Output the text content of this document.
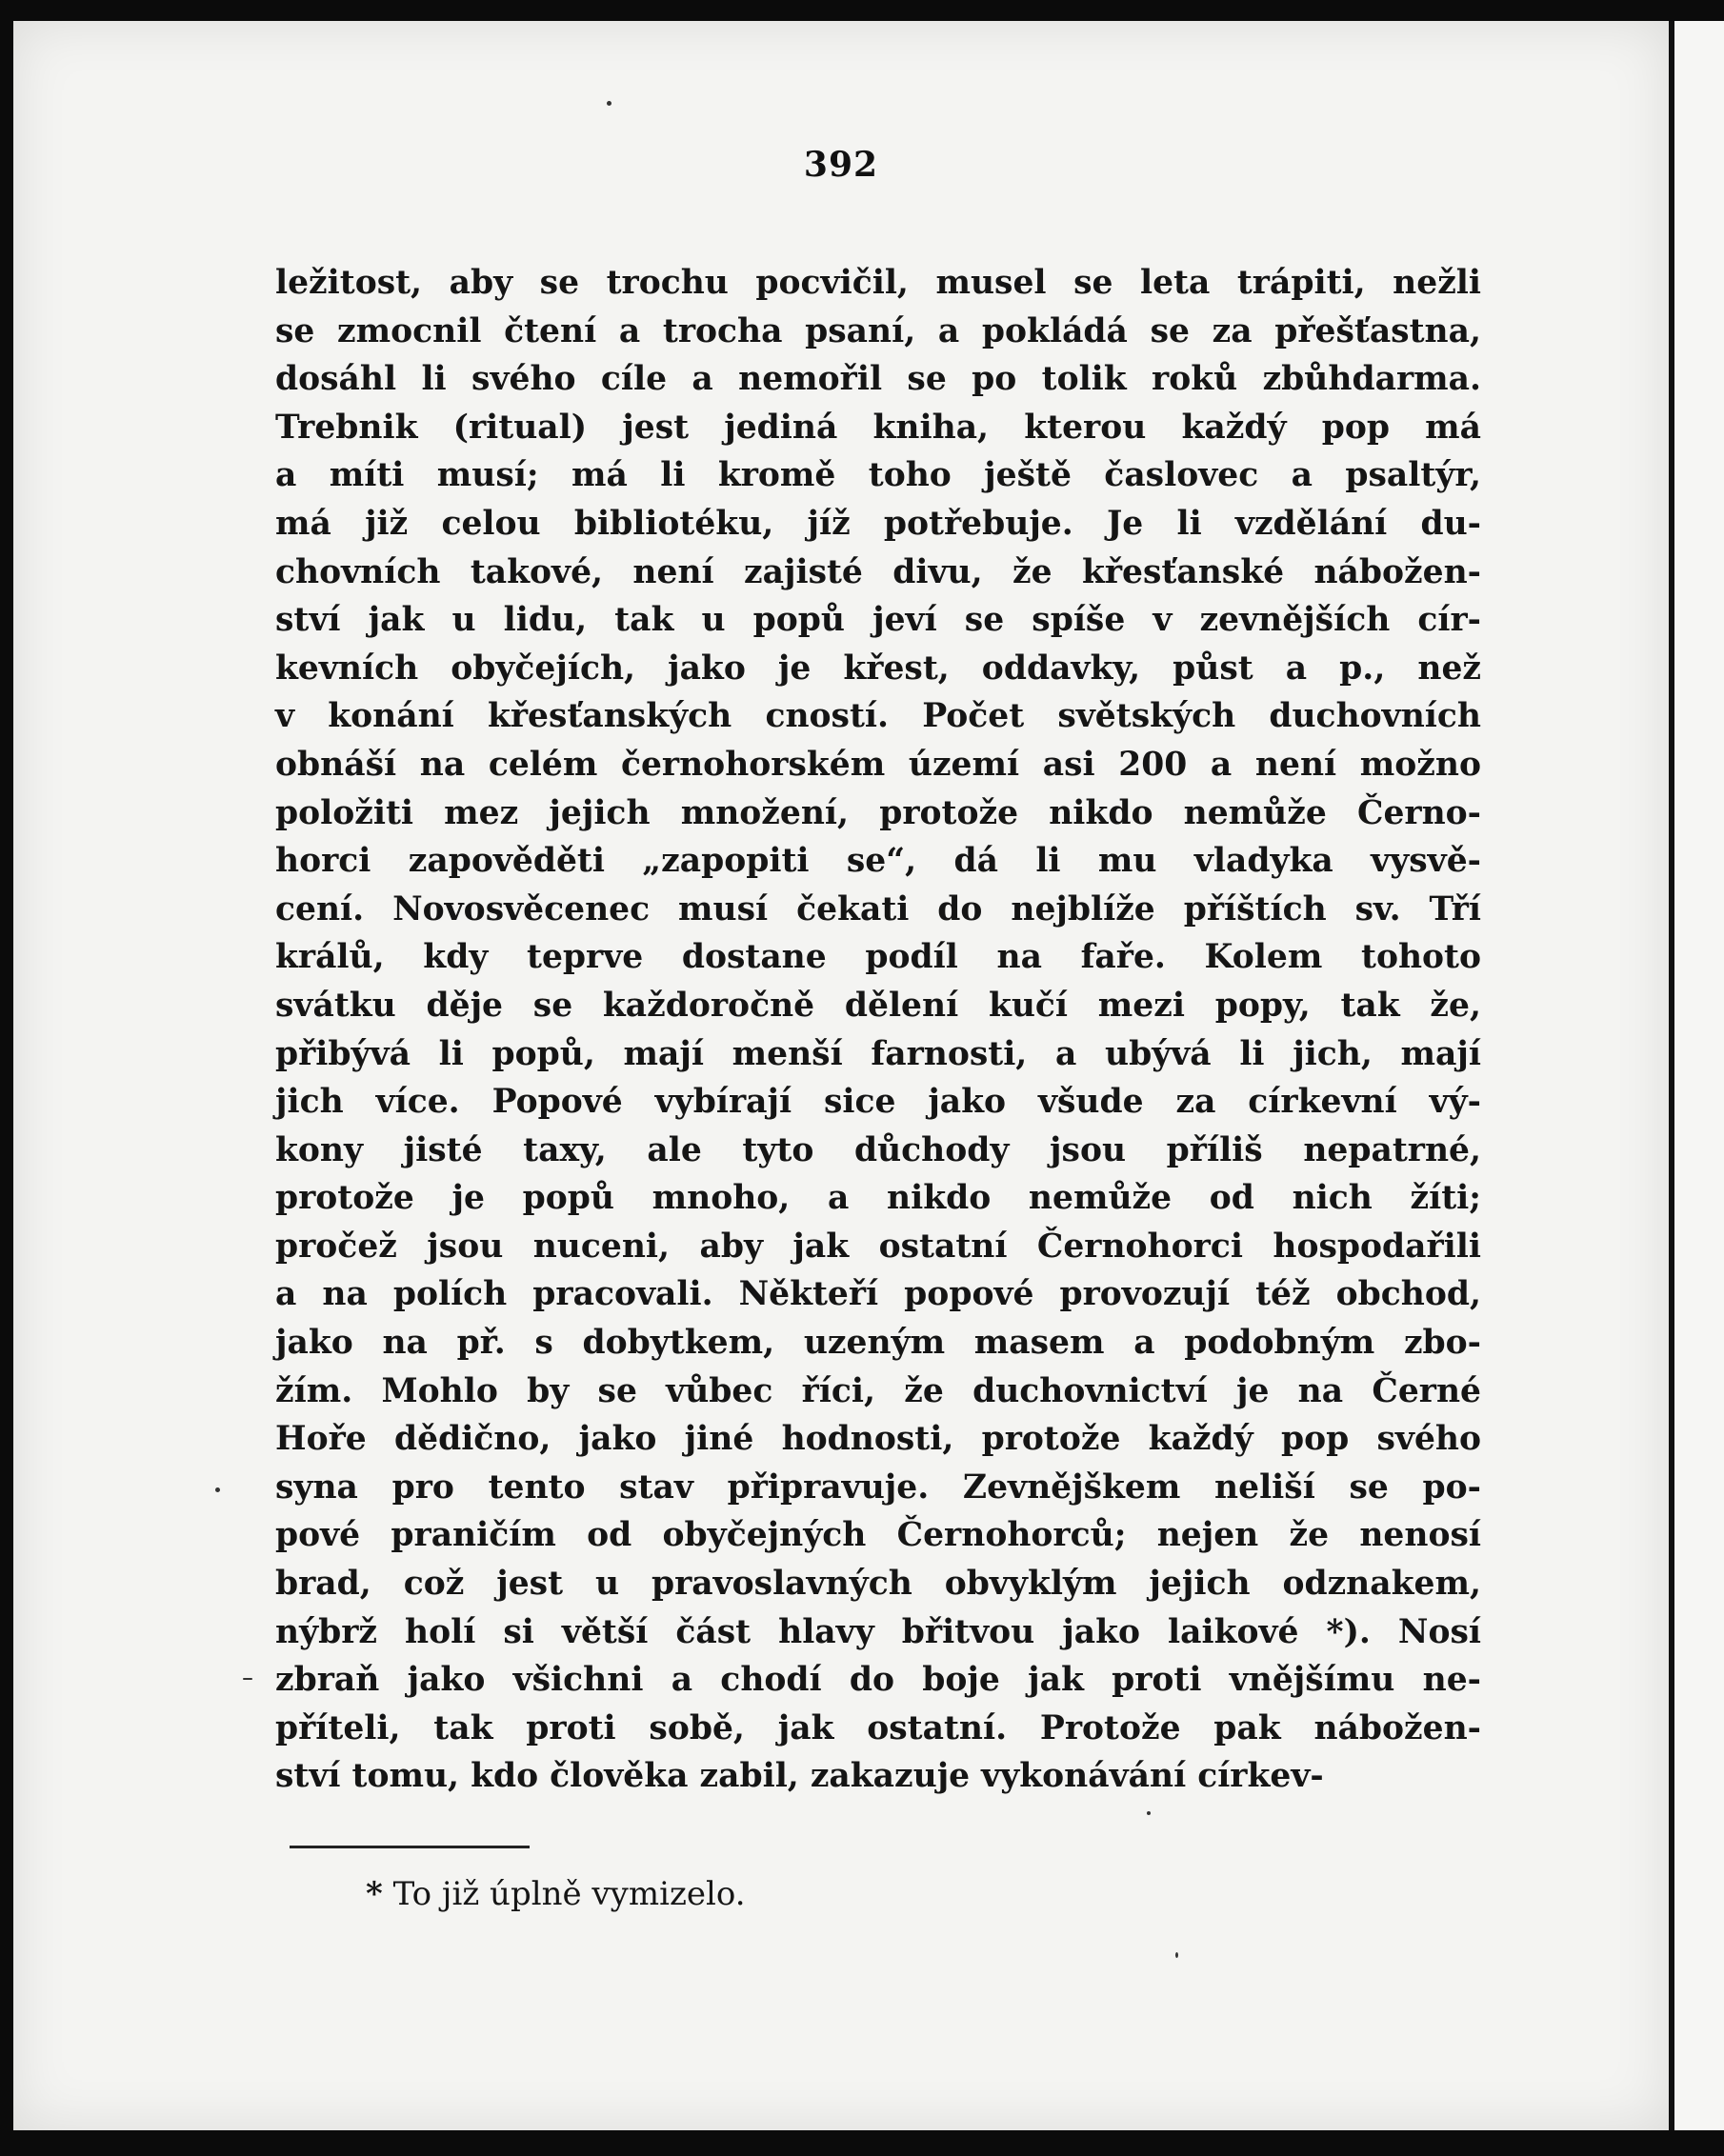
392
ležitost, aby se trochu pocvičil, musel se leta trápiti, nežli
se zmocnil čtení a trocha psaní, a pokládá se za přešťastna,
dosáhl li svého cíle a nemořil se po tolik roků zbůhdarma.
Trebnik (ritual) jest jediná kniha, kterou každý pop má
a míti musí; má li kromě toho ještě časlovec a psaltýr,
má již celou bibliotéku, jíž potřebuje. Je li vzdělání du-
chovních takové, není zajisté divu, že křesťanské nábožen-
ství jak u lidu, tak u popů jeví se spíše v zevnějších cír-
kevních obyčejích, jako je křest, oddavky, půst a p., než
v konání křesťanských cností. Počet světských duchovních
obnáší na celém černohorském území asi 200 a není možno
položiti mez jejich množení, protože nikdo nemůže Černo-
horci zapověděti „zapopiti se“, dá li mu vladyka vysvě-
cení. Novosvěcenec musí čekati do nejblíže příštích sv. Tří
králů, kdy teprve dostane podíl na faře. Kolem tohoto
svátku děje se každoročně dělení kučí mezi popy, tak že,
přibývá li popů, mají menší farnosti, a ubývá li jich, mají
jich více. Popové vybírají sice jako všude za církevní vý-
kony jisté taxy, ale tyto důchody jsou příliš nepatrné,
protože je popů mnoho, a nikdo nemůže od nich žíti;
pročež jsou nuceni, aby jak ostatní Černohorci hospodařili
a na polích pracovali. Někteří popové provozují též obchod,
jako na př. s dobytkem, uzeným masem a podobným zbo-
žím. Mohlo by se vůbec říci, že duchovnictví je na Černé
Hoře dědično, jako jiné hodnosti, protože každý pop svého
syna pro tento stav připravuje. Zevnějškem neliší se po-
pové praničím od obyčejných Černohorců; nejen že nenosí
brad, což jest u pravoslavných obvyklým jejich odznakem,
nýbrž holí si větší část hlavy břitvou jako laikové *). Nosí
zbraň jako všichni a chodí do boje jak proti vnějšímu ne-
příteli, tak proti sobě, jak ostatní. Protože pak nábožen-
ství tomu, kdo člověka zabil, zakazuje vykonávání církev-
* To již úplně vymizelo.
